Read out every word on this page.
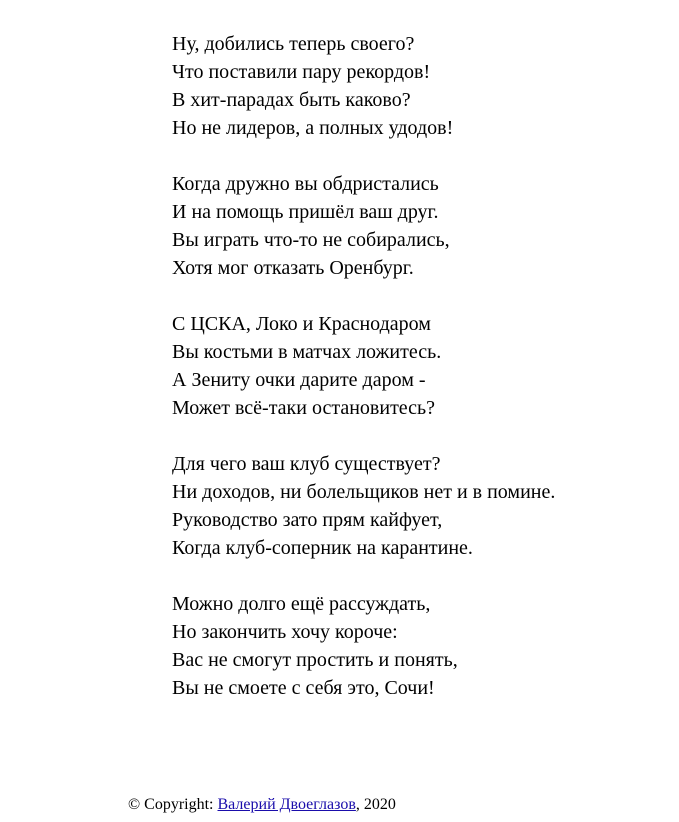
Ну, добились теперь своего?
Что поставили пару рекордов!
В хит-парадах быть каково?
Но не лидеров, а полных удодов!
Когда дружно вы обдристались
И на помощь пришёл ваш друг.
Вы играть что-то не собирались,
Хотя мог отказать Оренбург.
С ЦСКА, Локо и Краснодаром
Вы костьми в матчах ложитесь.
А Зениту очки дарите даром -
Может всё-таки остановитесь?
Для чего ваш клуб существует?
Ни доходов, ни болельщиков нет и в помине.
Руководство зато прям кайфует,
Когда клуб-соперник на карантине.
Можно долго ещё рассуждать,
Но закончить хочу короче:
Вас не смогут простить и понять,
Вы не смоете с себя это, Сочи!
© Copyright: Валерий Двоеглазов, 2020
